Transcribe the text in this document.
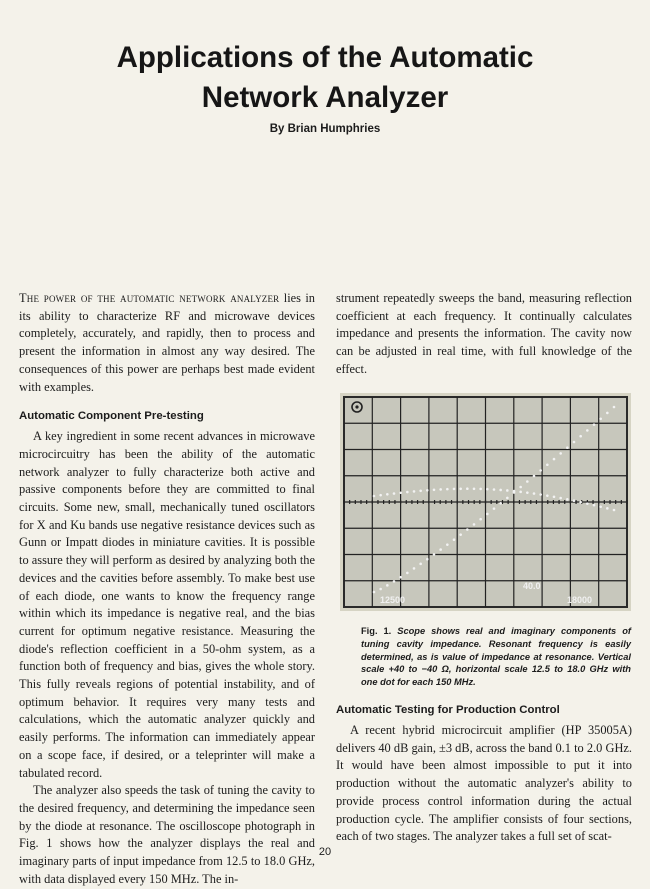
Applications of the Automatic
Network Analyzer
By Brian Humphries

The power of the automatic network analyzer lies in its ability to characterize RF and microwave devices completely, accurately, and rapidly, then to process and present the information in almost any way desired. The consequences of this power are perhaps best made evident with examples.

Automatic Component Pre-testing

A key ingredient in some recent advances in microwave microcircuitry has been the ability of the automatic network analyzer to fully characterize both active and passive components before they are committed to final circuits. Some new, small, mechanically tuned oscillators for X and Ku bands use negative resistance devices such as Gunn or Impatt diodes in miniature cavities. It is possible to assure they will perform as desired by analyzing both the devices and the cavities before assembly. To make best use of each diode, one wants to know the frequency range within which its impedance is negative real, and the bias current for optimum negative resistance. Measuring the diode's reflection coefficient in a 50-ohm system, as a function both of frequency and bias, gives the whole story. This fully reveals regions of potential instability, and of optimum behavior. It requires very many tests and calculations, which the automatic analyzer quickly and easily performs. The information can immediately appear on a scope face, if desired, or a teleprinter will make a tabulated record.

The analyzer also speeds the task of tuning the cavity to the desired frequency, and determining the impedance seen by the diode at resonance. The oscilloscope photograph in Fig. 1 shows how the analyzer displays the real and imaginary parts of input impedance from 12.5 to 18.0 GHz, with data displayed every 150 MHz. The in-

strument repeatedly sweeps the band, measuring reflection coefficient at each frequency. It continually calculates impedance and presents the information. The cavity now can be adjusted in real time, with full knowledge of the effect.

12500
40.0
18000
Fig. 1. Scope shows real and imaginary components of tuning cavity impedance. Resonant frequency is easily determined, as is value of impedance at resonance. Vertical scale +40 to −40 Ω, horizontal scale 12.5 to 18.0 GHz with one dot for each 150 MHz.
Automatic Testing for Production Control

A recent hybrid microcircuit amplifier (HP 35005A) delivers 40 dB gain, ±3 dB, across the band 0.1 to 2.0 GHz. It would have been almost impossible to put it into production without the automatic analyzer's ability to provide process control information during the actual production cycle. The amplifier consists of four sections, each of two stages. The analyzer takes a full set of scat-

20
